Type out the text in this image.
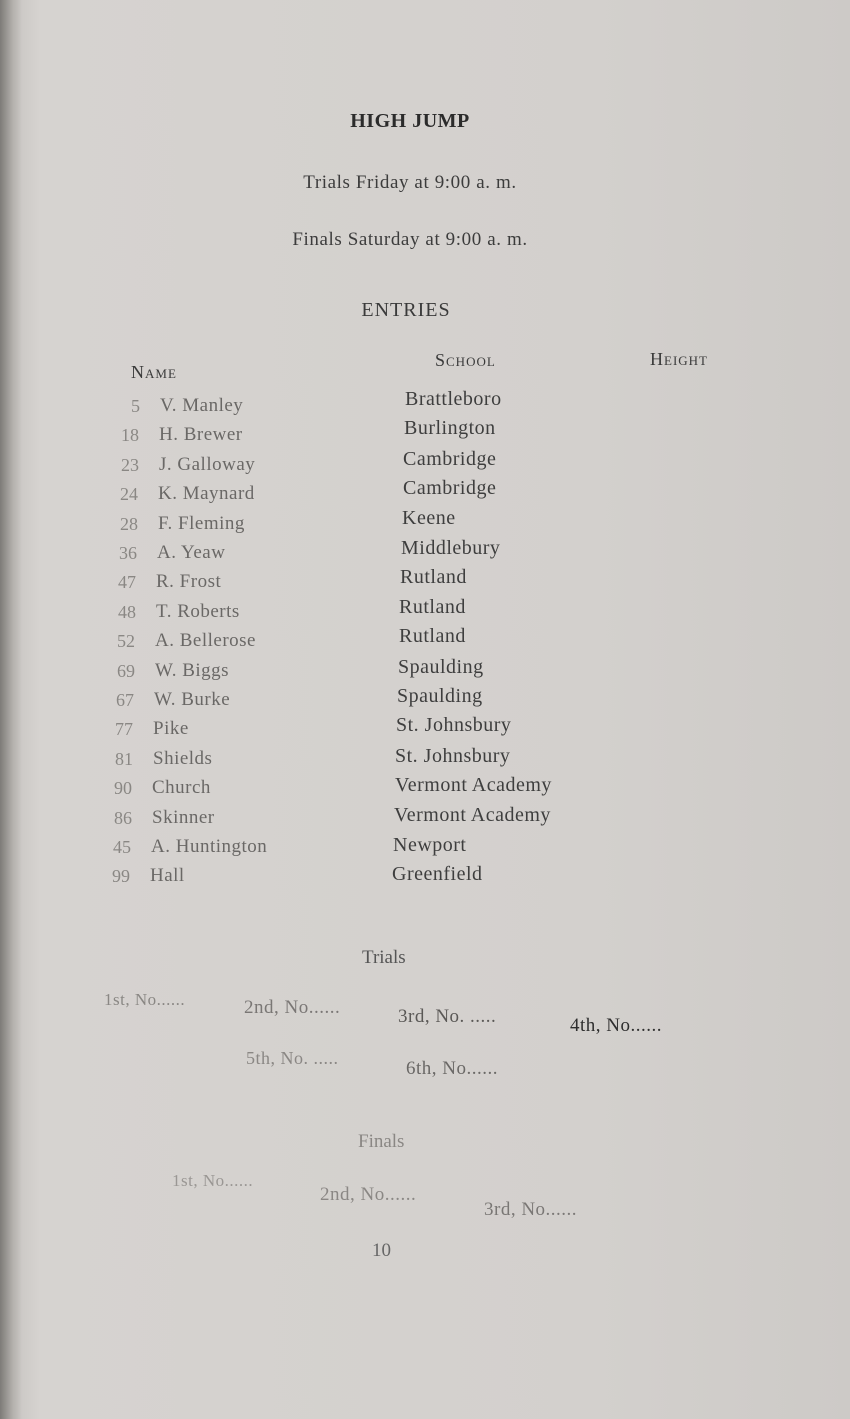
HIGH JUMP
Trials Friday at 9:00 a. m.
Finals Saturday at 9:00 a. m.
ENTRIES
Name
School	Height
5 V. Manley	Brattleboro
18 H. Brewer	Burlington
23 J. Galloway	Cambridge
24 K. Maynard	Cambridge
28 F. Fleming	Keene
36 A. Yeaw	Middlebury
47 R. Frost	Rutland
48 T. Roberts	Rutland
52 A. Bellerose	Rutland
69 W. Biggs	Spaulding
67 W. Burke	Spaulding
77 Pike	St. Johnsbury
81 Shields	St. Johnsbury
90 Church	Vermont Academy
86 Skinner	Vermont Academy
45 A. Huntington	Newport
99 Hall	Greenfield
Trials
1st, No......	2nd, No......	3rd, No. .....	4th, No......
5th, No. .....	6th, No......
Finals
1st, No......
2nd, No......
3rd, No......
10
